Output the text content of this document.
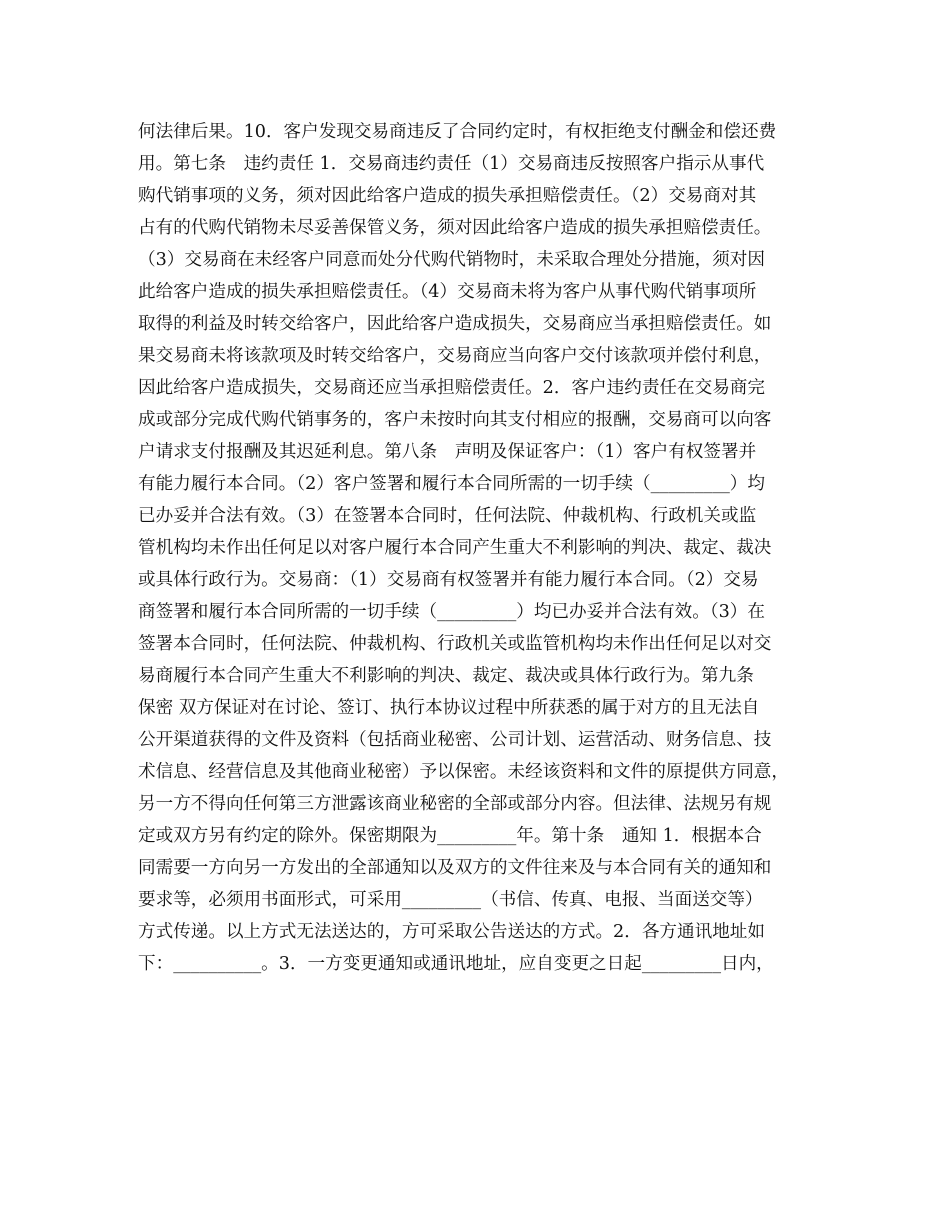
何法律后果。10．客户发现交易商违反了合同约定时，有权拒绝支付酬金和偿还费
用。第七条　违约责任 1．交易商违约责任（1）交易商违反按照客户指示从事代
购代销事项的义务，须对因此给客户造成的损失承担赔偿责任。（2）交易商对其
占有的代购代销物未尽妥善保管义务，须对因此给客户造成的损失承担赔偿责任。
（3）交易商在未经客户同意而处分代购代销物时，未采取合理处分措施，须对因
此给客户造成的损失承担赔偿责任。（4）交易商未将为客户从事代购代销事项所
取得的利益及时转交给客户，因此给客户造成损失，交易商应当承担赔偿责任。如
果交易商未将该款项及时转交给客户，交易商应当向客户交付该款项并偿付利息，
因此给客户造成损失，交易商还应当承担赔偿责任。2．客户违约责任在交易商完
成或部分完成代购代销事务的，客户未按时向其支付相应的报酬，交易商可以向客
户请求支付报酬及其迟延利息。第八条　声明及保证客户：（1）客户有权签署并
有能力履行本合同。（2）客户签署和履行本合同所需的一切手续（_________）均
已办妥并合法有效。（3）在签署本合同时，任何法院、仲裁机构、行政机关或监
管机构均未作出任何足以对客户履行本合同产生重大不利影响的判决、裁定、裁决
或具体行政行为。交易商：（1）交易商有权签署并有能力履行本合同。（2）交易
商签署和履行本合同所需的一切手续（_________）均已办妥并合法有效。（3）在
签署本合同时，任何法院、仲裁机构、行政机关或监管机构均未作出任何足以对交
易商履行本合同产生重大不利影响的判决、裁定、裁决或具体行政行为。第九条
保密 双方保证对在讨论、签订、执行本协议过程中所获悉的属于对方的且无法自
公开渠道获得的文件及资料（包括商业秘密、公司计划、运营活动、财务信息、技
术信息、经营信息及其他商业秘密）予以保密。未经该资料和文件的原提供方同意，
另一方不得向任何第三方泄露该商业秘密的全部或部分内容。但法律、法规另有规
定或双方另有约定的除外。保密期限为_________年。第十条　通知 1．根据本合
同需要一方向另一方发出的全部通知以及双方的文件往来及与本合同有关的通知和
要求等，必须用书面形式，可采用_________（书信、传真、电报、当面送交等）
方式传递。以上方式无法送达的，方可采取公告送达的方式。2．各方通讯地址如
下：__________。3．一方变更通知或通讯地址，应自变更之日起_________日内，
